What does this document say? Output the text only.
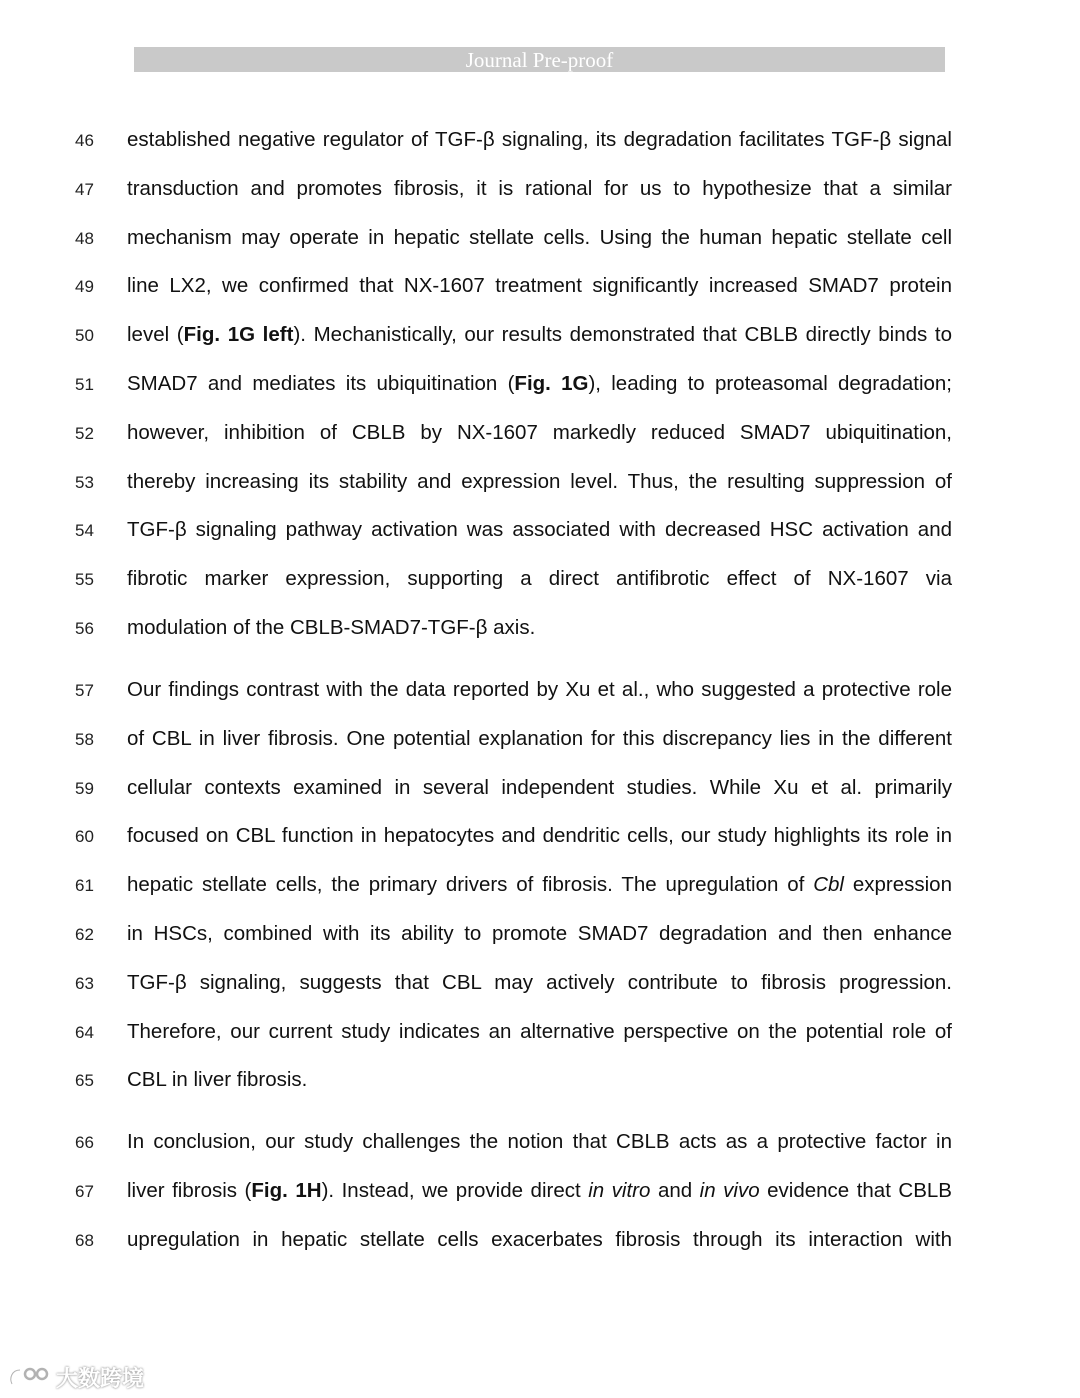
Journal Pre-proof
46	established negative regulator of TGF-β signaling, its degradation facilitates TGF-β signal
47	transduction and promotes fibrosis, it is rational for us to hypothesize that a similar
48	mechanism may operate in hepatic stellate cells. Using the human hepatic stellate cell
49	line LX2, we confirmed that NX-1607 treatment significantly increased SMAD7 protein
50	level (Fig. 1G left). Mechanistically, our results demonstrated that CBLB directly binds to
51	SMAD7 and mediates its ubiquitination (Fig. 1G), leading to proteasomal degradation;
52	however, inhibition of CBLB by NX-1607 markedly reduced SMAD7 ubiquitination,
53	thereby increasing its stability and expression level. Thus, the resulting suppression of
54	TGF-β signaling pathway activation was associated with decreased HSC activation and
55	fibrotic marker expression, supporting a direct antifibrotic effect of NX-1607 via
56	modulation of the CBLB-SMAD7-TGF-β axis.
57	Our findings contrast with the data reported by Xu et al., who suggested a protective role
58	of CBL in liver fibrosis. One potential explanation for this discrepancy lies in the different
59	cellular contexts examined in several independent studies. While Xu et al. primarily
60	focused on CBL function in hepatocytes and dendritic cells, our study highlights its role in
61	hepatic stellate cells, the primary drivers of fibrosis. The upregulation of Cbl expression
62	in HSCs, combined with its ability to promote SMAD7 degradation and then enhance
63	TGF-β signaling, suggests that CBL may actively contribute to fibrosis progression.
64	Therefore, our current study indicates an alternative perspective on the potential role of
65	CBL in liver fibrosis.
66	In conclusion, our study challenges the notion that CBLB acts as a protective factor in
67	liver fibrosis (Fig. 1H). Instead, we provide direct in vitro and in vivo evidence that CBLB
68	upregulation in hepatic stellate cells exacerbates fibrosis through its interaction with
大数跨境
